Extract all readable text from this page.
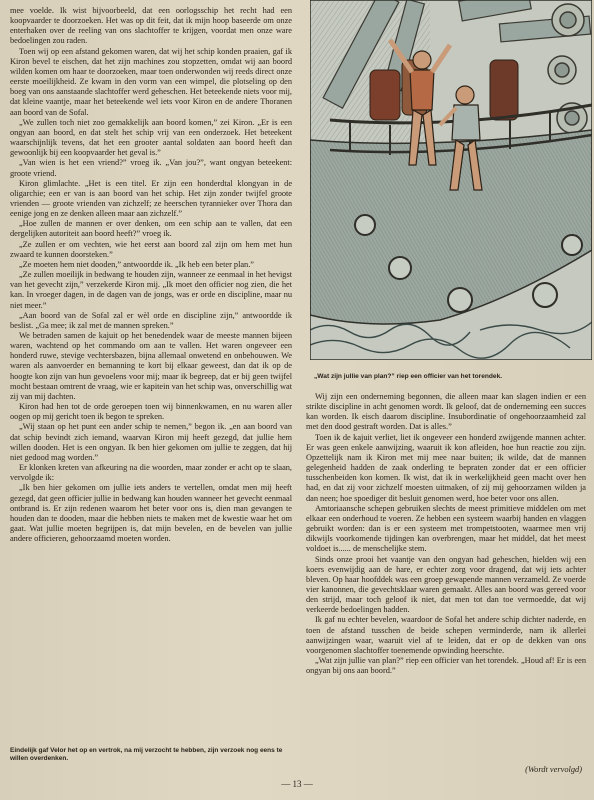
mee voelde. Ik wist bijvoorbeeld, dat een oorlogsschip het recht had een koopvaarder te doorzoeken. Het was op dit feit, dat ik mijn hoop baseerde om onze enterhaken over de reeling van ons slachtoffer te krijgen, voordat men onze ware bedoelingen zou raden.

Toen wij op een afstand gekomen waren, dat wij het schip konden praaien, gaf ik Kiron bevel te eischen, dat het zijn machines zou stopzetten, omdat wij aan boord wilden komen om haar te doorzoeken, maar toen onderwonden wij reeds direct onze eerste moeilijkheid. Ze kwam in den vorm van een wimpel, die plotseling op den boeg van ons aanstaande slachtoffer werd geheschen. Het beteekende niets voor mij, dat kleine vaantje, maar het beteekende wel iets voor Kiron en de andere Thoranen aan boord van de Sofal.

„We zullen toch niet zoo gemakkelijk aan boord komen,” zei Kiron. „Er is een ongyan aan boord, en dat stelt het schip vrij van een onderzoek. Het beteekent waarschijnlijk tevens, dat het een grooter aantal soldaten aan boord heeft dan gewoonlijk bij een koopvaarder het geval is.”

„Van wien is het een vriend?” vroeg ik. „Van jou?”, want ongyan beteekent: groote vriend.

Kiron glimlachte. „Het is een titel. Er zijn een honderdtal klongyan in de oligarchie; een er van is aan boord van het schip. Het zijn zonder twijfel groote vrienden — groote vrienden van zichzelf; ze heerschen tyrannieker over Thora dan eenige jong en ze denken alleen maar aan zichzelf.”

„Hoe zullen de mannen er over denken, om een schip aan te vallen, dat een dergelijken autoriteit aan boord heeft?” vroeg ik.

„Ze zullen er om vechten, wie het eerst aan boord zal zijn om hem met hun zwaard te kunnen doorsteken.”

„Ze moeten hem niet dooden,” antwoordde ik. „Ik heb een beter plan.”

„Ze zullen moeilijk in bedwang te houden zijn, wanneer ze eenmaal in het hevigst van het gevecht zijn,” verzekerde Kiron mij. „Ik moet den officier nog zien, die het kan. In vroeger dagen, in de dagen van de jongs, was er orde en discipline, maar nu niet meer.”

„Aan boord van de Sofal zal er wèl orde en discipline zijn,” antwoordde ik beslist. „Ga mee; ik zal met de mannen spreken.”

We betraden samen de kajuit op het benedendek waar de meeste mannen bijeen waren, wachtend op het commando om aan te vallen. Het waren ongeveer een honderd ruwe, stevige vechtersbazen, bijna allemaal onwetend en onbehouwen. We waren als aanvoerder en bemanning te kort bij elkaar geweest, dan dat ik op de hoogte kon zijn van hun gevoelens voor mij; maar ik begreep, dat er bij geen twijfel mocht bestaan omtrent de vraag, wie er kapitein van het schip was, onverschillig wat zij van mij dachten.

Kiron had hen tot de orde geroepen toen wij binnenkwamen, en nu waren aller oogen op mij gericht toen ik begon te spreken.

„Wij staan op het punt een ander schip te nemen,” begon ik. „en aan boord van dat schip bevindt zich iemand, waarvan Kiron mij heeft gezegd, dat jullie hem willen dooden. Het is een ongyan. Ik ben hier gekomen om jullie te zeggen, dat hij niet gedood mag worden.”

Er klonken kreten van afkeuring na die woorden, maar zonder er acht op te slaan, vervolgde ik:

„Ik ben hier gekomen om jullie iets anders te vertellen, omdat men mij heeft gezegd, dat geen officier jullie in bedwang kan houden wanneer het gevecht eenmaal ontbrand is. Er zijn redenen waarom het beter voor ons is, dien man gevangen te houden dan te dooden, maar die hebben niets te maken met de kwestie waar het om gaat. Wat jullie moeten begrijpen is, dat mijn bevelen, en de bevelen van jullie andere officieren, gehoorzaamd moeten worden.

Eindelijk gaf Velor het op en vertrok, na mij verzocht te hebben, zijn verzoek nog eens te willen overdenken.
„Wat zijn jullie van plan?” riep een officier van het torendek.

Wij zijn een onderneming begonnen, die alleen maar kan slagen indien er een strikte discipline in acht genomen wordt. Ik geloof, dat de onderneming een succes kan worden. Ik eisch daarom discipline. Insubordinatie of ongehoorzaamheid zal met den dood gestraft worden. Dat is alles.”

Toen ik de kajuit verliet, liet ik ongeveer een honderd zwijgende mannen achter. Er was geen enkele aanwijzing, waaruit ik kon afleiden, hoe hun reactie zou zijn. Opzettelijk nam ik Kiron met mij mee naar buiten; ik wilde, dat de mannen gelegenheid hadden de zaak onderling te bepraten zonder dat er een officier tusschenbeiden kon komen. Ik wist, dat ik in werkelijkheid geen macht over hen had, en dat zij voor zichzelf moesten uitmaken, of zij mij gehoorzamen wilden ja dan neen; hoe spoediger dit besluit genomen werd, hoe beter voor ons allen.

Amtoriaansche schepen gebruiken slechts de meest primitieve middelen om met elkaar een onderhoud te voeren. Ze hebben een systeem waarbij handen en vlaggen gebruikt worden: dan is er een systeem met trompetstooten, waarmee men vrij dikwijls voorkomende tijdingen kan overbrengen, maar het middel, dat het meest voldoet is...... de menschelijke stem.

Sinds onze prooi het vaantje van den ongyan had geheschen, hielden wij een koers evenwijdig aan de hare, er echter zorg voor dragend, dat wij iets achter bleven. Op haar hoofddek was een groep gewapende mannen verzameld. Ze voerde vier kanonnen, die gevechtsklaar waren gemaakt. Alles aan boord was gereed voor den strijd, maar toch geloof ik niet, dat men tot dan toe vermoedde, dat wij verkeerde bedoelingen hadden.

Ik gaf nu echter bevelen, waardoor de Sofal het andere schip dichter naderde, en toen de afstand tusschen de beide schepen verminderde, nam ik allerlei aanwijzingen waar, waaruit viel af te leiden, dat er op de dekken van ons voorgenomen slachtoffer toenemende opwinding heerschte.

„Wat zijn jullie van plan?” riep een officier van het torendek. „Houd af! Er is een ongyan bij ons aan boord.”

(Wordt vervolgd)
— 13 —
